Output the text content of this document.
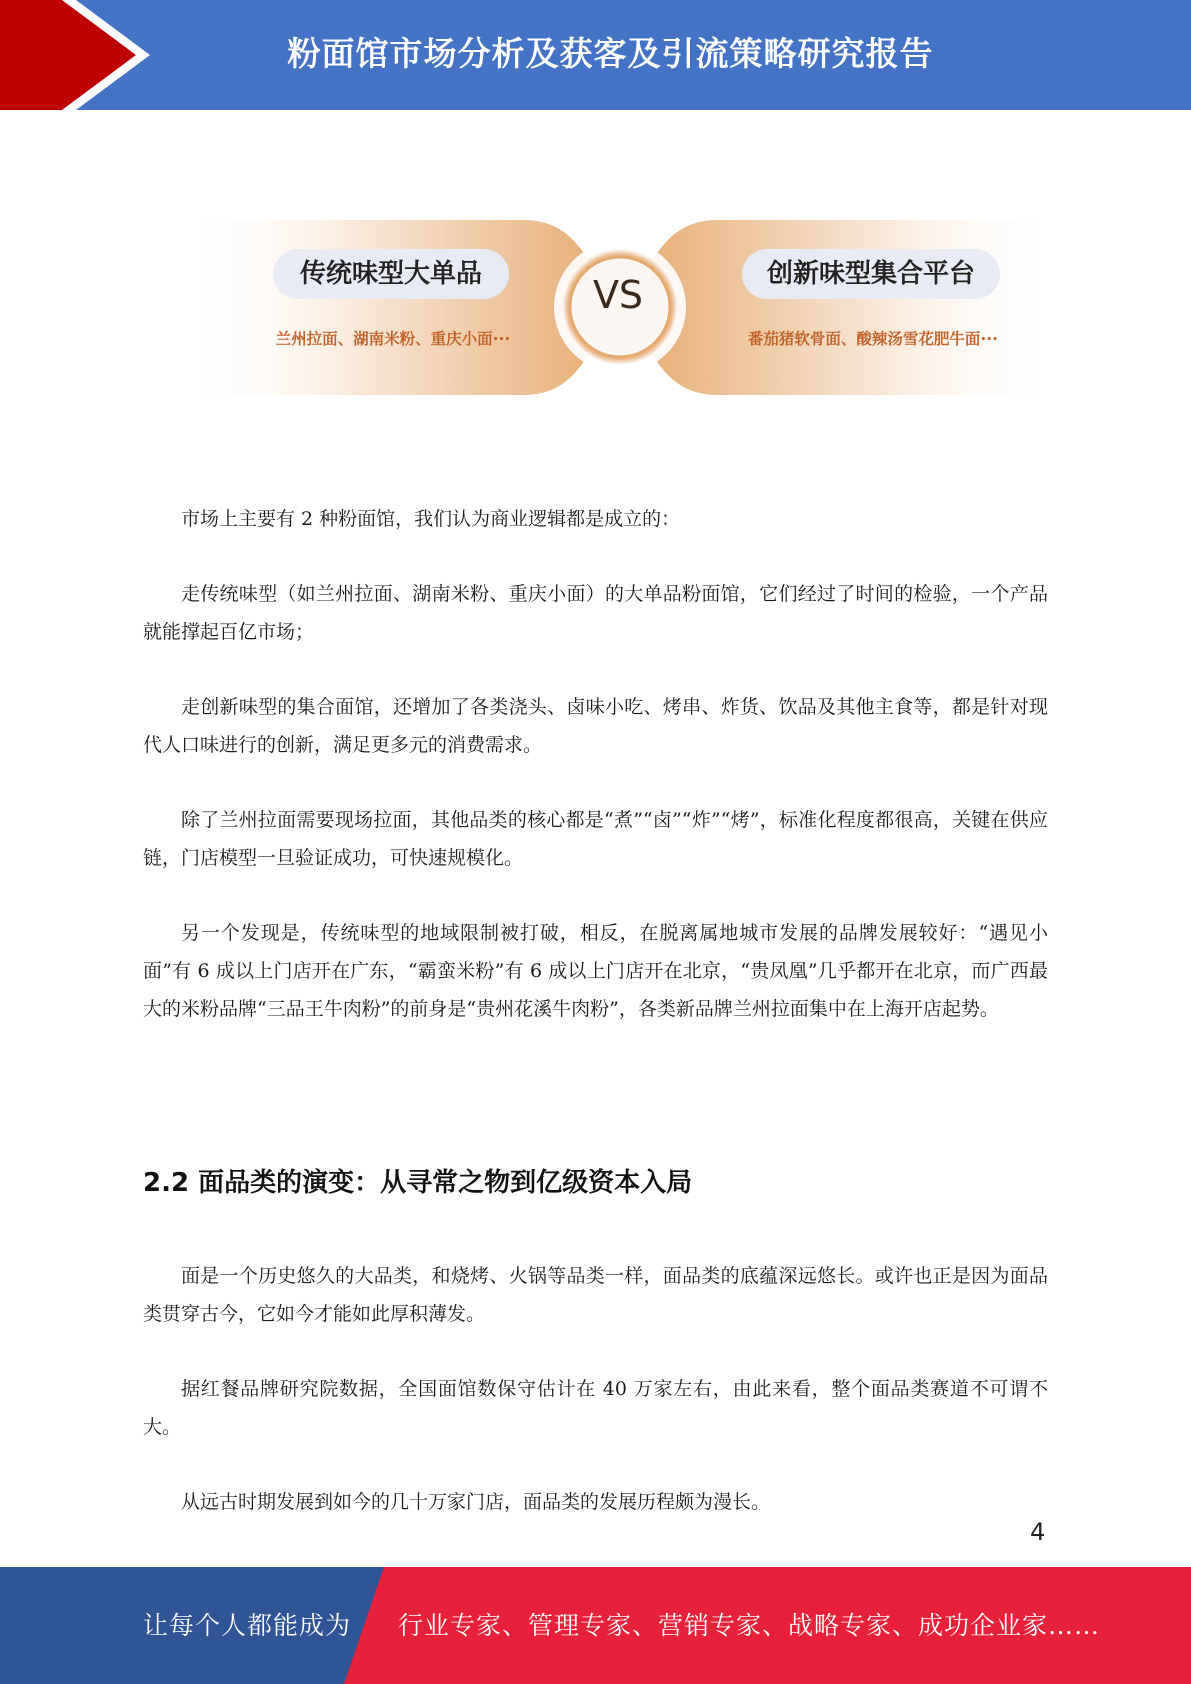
粉面馆市场分析及获客及引流策略研究报告
传统味型大单品
兰州拉面、湖南米粉、重庆小面···
VS	创新味型集合平台
番茄猪软骨面、酸辣汤雪花肥牛面···

市场上主要有 2 种粉面馆，我们认为商业逻辑都是成立的：

走传统味型（如兰州拉面、湖南米粉、重庆小面）的大单品粉面馆，它们经过了时间的检验，一个产品就能撑起百亿市场；

走创新味型的集合面馆，还增加了各类浇头、卤味小吃、烤串、炸货、饮品及其他主食等，都是针对现代人口味进行的创新，满足更多元的消费需求。

除了兰州拉面需要现场拉面，其他品类的核心都是“煮”“卤”“炸”“烤”，标准化程度都很高，关键在供应链，门店模型一旦验证成功，可快速规模化。

另一个发现是，传统味型的地域限制被打破，相反，在脱离属地城市发展的品牌发展较好：“遇见小面”有 6 成以上门店开在广东，“霸蛮米粉”有 6 成以上门店开在北京，“贵凤凰”几乎都开在北京，而广西最大的米粉品牌“三品王牛肉粉”的前身是“贵州花溪牛肉粉”，各类新品牌兰州拉面集中在上海开店起势。

2.2 面品类的演变：从寻常之物到亿级资本入局

面是一个历史悠久的大品类，和烧烤、火锅等品类一样，面品类的底蕴深远悠长。或许也正是因为面品类贯穿古今，它如今才能如此厚积薄发。

据红餐品牌研究院数据，全国面馆数保守估计在 40 万家左右，由此来看，整个面品类赛道不可谓不大。

从远古时期发展到如今的几十万家门店，面品类的发展历程颇为漫长。

4
让每个人都能成为 行业专家、管理专家、营销专家、战略专家、成功企业家……
